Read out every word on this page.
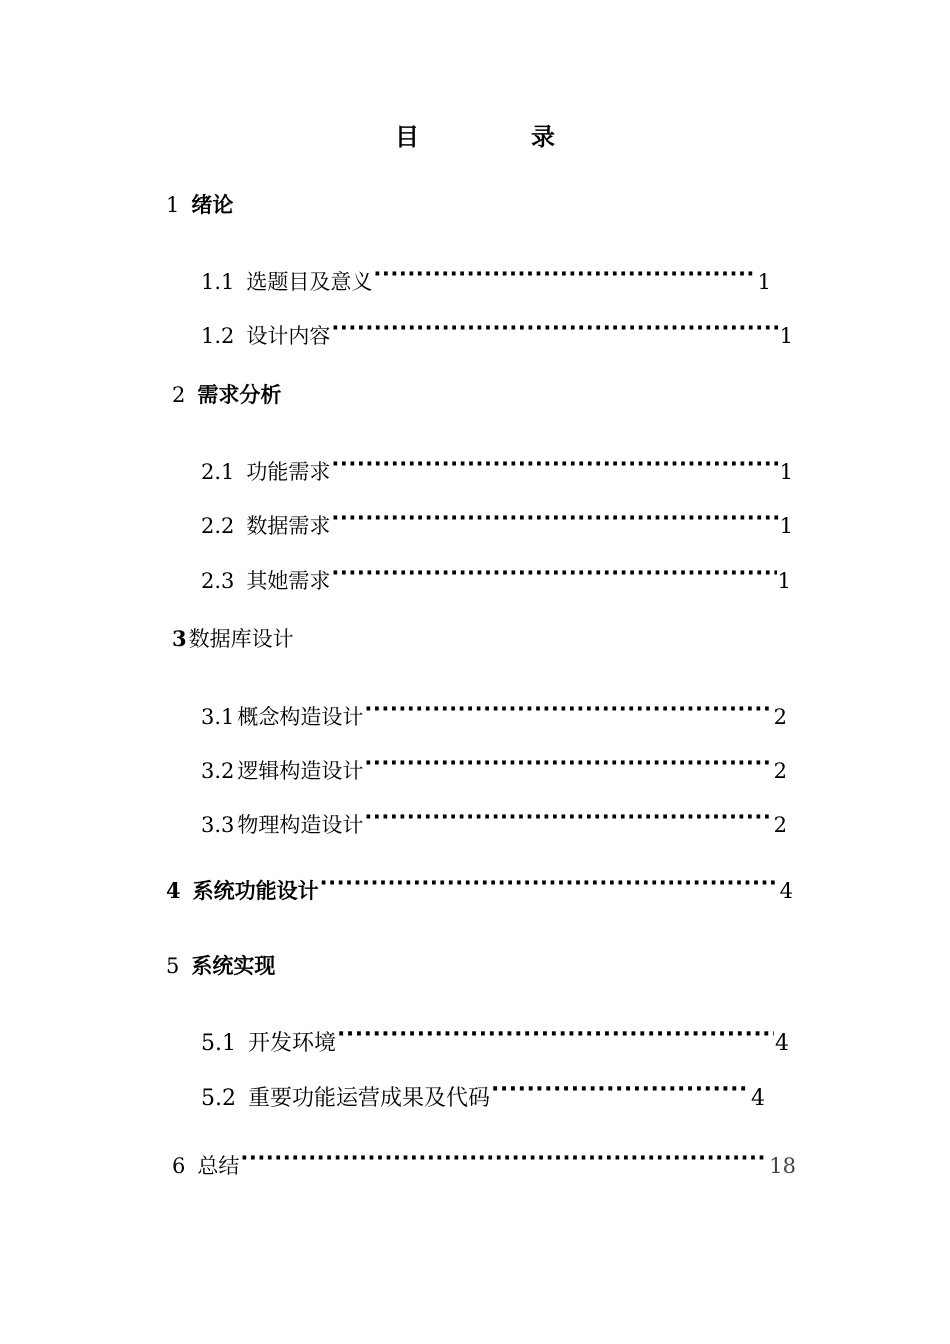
目　录
1 绪论
1.1 选题目及意义 ·····	1
1.2 设计内容 ·····	1
2 需求分析
2.1 功能需求 ·····	1
2.2 数据需求 ·····	1
2.3 其她需求 ·····	1
3 数据库设计
3.1 概念构造设计 ·····	2
3.2 逻辑构造设计 ·····	2
3.3 物理构造设计 ·····	2
4 系统功能设计 ·····	4
5 系统实现
5.1 开发环境 ·····	4
5.2 重要功能运营成果及代码 ·····	4
6 总结 ·····	18
